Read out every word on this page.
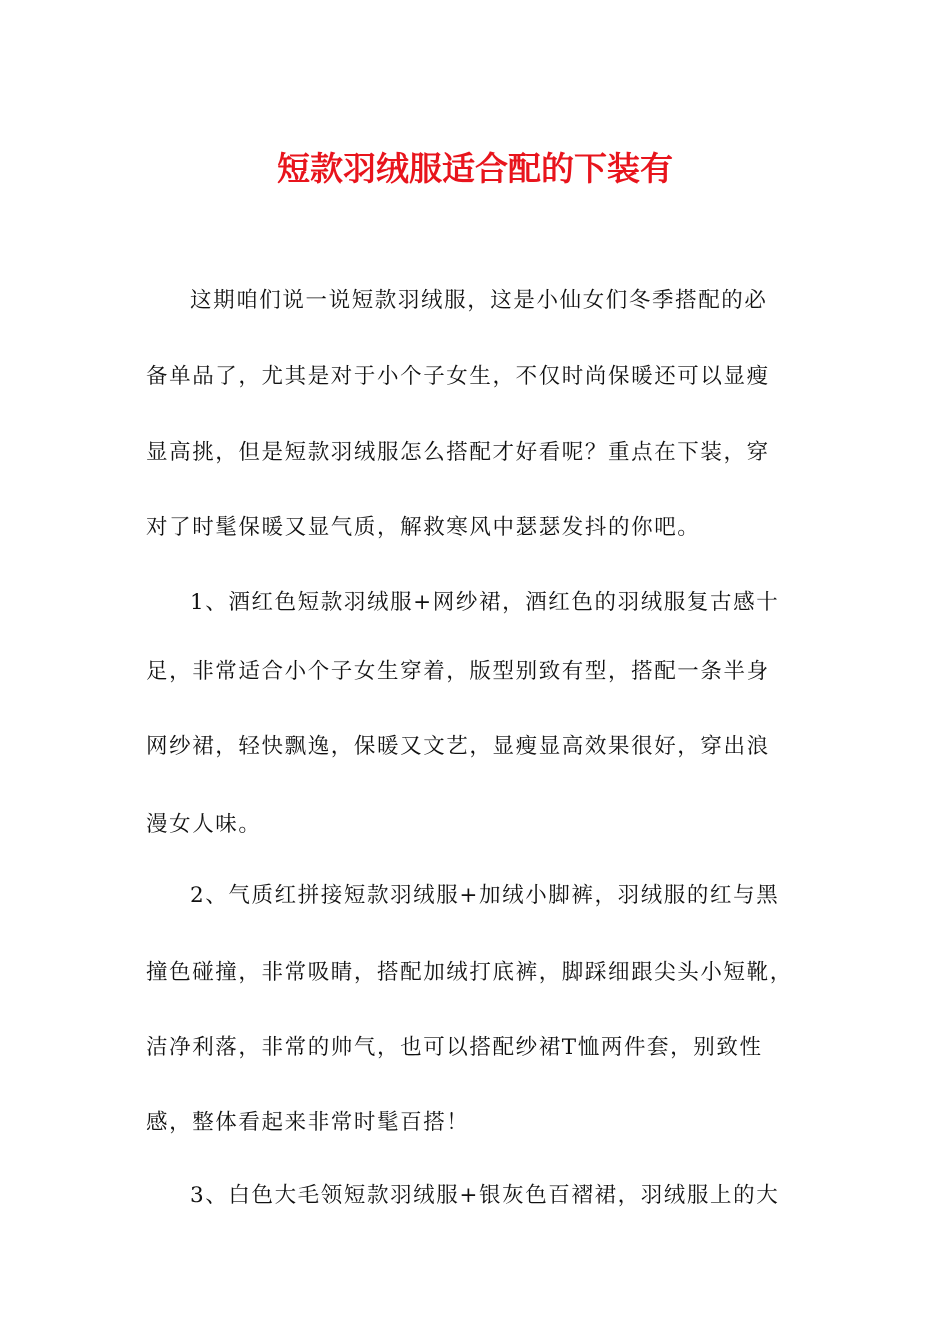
短款羽绒服适合配的下装有
这期咱们说一说短款羽绒服，这是小仙女们冬季搭配的必
备单品了，尤其是对于小个子女生，不仅时尚保暖还可以显瘦
显高挑，但是短款羽绒服怎么搭配才好看呢？重点在下装，穿
对了时髦保暖又显气质，解救寒风中瑟瑟发抖的你吧。
1、酒红色短款羽绒服+网纱裙，酒红色的羽绒服复古感十
足，非常适合小个子女生穿着，版型别致有型，搭配一条半身
网纱裙，轻快飘逸，保暖又文艺，显瘦显高效果很好，穿出浪
漫女人味。
2、气质红拼接短款羽绒服+加绒小脚裤，羽绒服的红与黑
撞色碰撞，非常吸睛，搭配加绒打底裤，脚踩细跟尖头小短靴，
洁净利落，非常的帅气，也可以搭配纱裙T恤两件套，别致性
感，整体看起来非常时髦百搭！
3、白色大毛领短款羽绒服+银灰色百褶裙，羽绒服上的大
